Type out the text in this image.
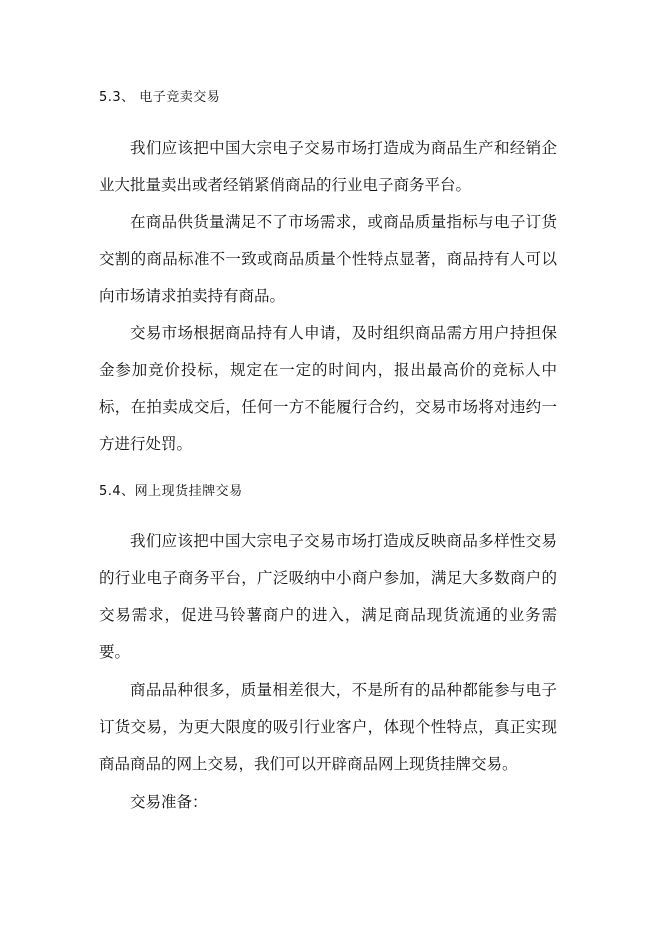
5.3、 电子竞卖交易

我们应该把中国大宗电子交易市场打造成为商品生产和经销企业大批量卖出或者经销紧俏商品的行业电子商务平台。

在商品供货量满足不了市场需求，或商品质量指标与电子订货交割的商品标准不一致或商品质量个性特点显著，商品持有人可以向市场请求拍卖持有商品。

交易市场根据商品持有人申请，及时组织商品需方用户持担保金参加竞价投标，规定在一定的时间内，报出最高价的竞标人中标，在拍卖成交后，任何一方不能履行合约，交易市场将对违约一方进行处罚。

5.4、网上现货挂牌交易

我们应该把中国大宗电子交易市场打造成反映商品多样性交易的行业电子商务平台，广泛吸纳中小商户参加，满足大多数商户的交易需求，促进马铃薯商户的进入，满足商品现货流通的业务需要。

商品品种很多，质量相差很大，不是所有的品种都能参与电子订货交易，为更大限度的吸引行业客户，体现个性特点，真正实现商品商品的网上交易，我们可以开辟商品网上现货挂牌交易。

交易准备：
